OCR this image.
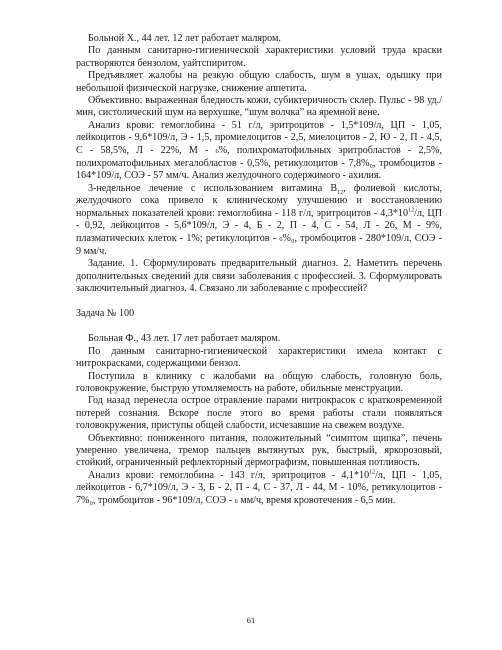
Больной Х., 44 лет. 12 лет работает маляром.

По данным санитарно-гигиенической характеристики условий труда краски растворяются бензолом, уайтспиритом.

Предъявляет жалобы на резкую общую слабость, шум в ушах, одышку при небольшой физической нагрузке, снижение аппетита.

Объективно: выраженная бледность кожи, субиктеричность склер. Пульс - 98 уд./мин, систолический шум на верхушке, “шум волчка” на яремной вене.

Анализ крови: гемоглобина - 51 г/л, эритроцитов - 1,5*109/л, ЦП - 1,05, лейкоцитов - 9,6*109/л, Э - 1,5, промиелоцитов - 2,5, миелоцитов - 2, Ю - 2, П - 4,5, С - 58,5%, Л - 22%, М - 6%, полихроматофильных эритробластов - 2,5%, полихроматофильных мегалобластов - 0,5%, ретикулоцитов - 7,8%₀, тромбоцитов - 164*109/л, СОЭ - 57 мм/ч. Анализ желудочного содержимого - ахилия.

3-недельное лечение с использованием витамина $В_{12}$, фолиевой кислоты, желудочного сока привело к клиническому улучшению и восстановлению нормальных показателей крови: гемоглобина - 118 г/л, эритроцитов - $4,3*10^{12}/л$, ЦП - 0,92, лейкоцитов - 5,6*109/л, Э - 4, Б - 2, П - 4, С - 54, Л - 26, М - 9%, плазматических клеток - 1%; ретикулоцитов - 6%₀, тромбоцитов - 280*109/л, СОЭ - 9 мм/ч.

Задание. 1. Сформулировать предварительный диагноз. 2. Наметить перечень дополнительных сведений для связи заболевания с профессией. 3. Сформулировать заключительный диагноз. 4. Связано ли заболевание с профессией?

Задача № 100

Больная Ф., 43 лет. 17 лет работает маляром.

По данным санитарно-гигиенической характеристики имела контакт с нитрокрасками, содержащими бензол.

Поступила в клинику с жалобами на общую слабость, головную боль, головокружение, быструю утомляемость на работе, обильные менструации.

Год назад перенесла острое отравление парами нитрокрасок с кратковременной потерей сознания. Вскоре после этого во время работы стали появляться головокружения, приступы общей слабости, исчезавшие на свежем воздухе.

Объективно: пониженного питания, положительный “симптом щипка”, печень умеренно увеличена, тремор пальцев вытянутых рук, быстрый, яркорозовый, стойкий, ограниченный рефлекторный дермографизм, повышенная потливость.

Анализ крови: гемоглобина - 143 г/л, эритроцитов - $4,1*10^{12}/л$, ЦП - 1,05, лейкоцитов - 6,7*109/л, Э - 3, Б - 2, П - 4, С - 37, Л - 44, М - 10%, ретикулоцитов - 7%₀, тромбоцитов - 96*109/л, СОЭ - 6 мм/ч, время кровотечения - 6,5 мин.

61
